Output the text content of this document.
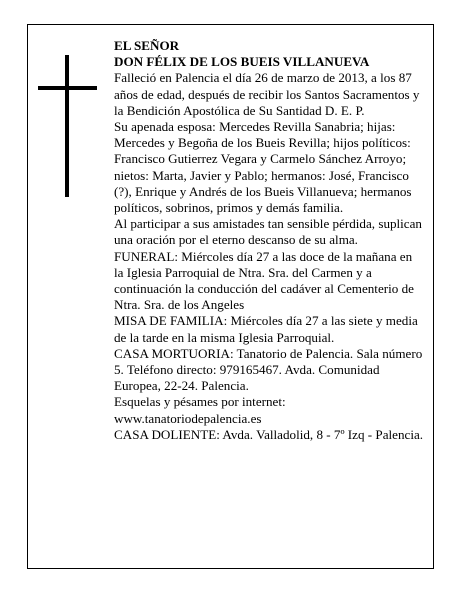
EL SEÑOR

DON FÉLIX DE LOS BUEIS VILLANUEVA

Falleció en Palencia el día 26 de marzo de 2013, a los 87 años de edad, después de recibir los Santos Sacramentos y la Bendición Apostólica de Su Santidad D. E. P.

Su apenada esposa: Mercedes Revilla Sanabria; hijas: Mercedes y Begoña de los Bueis Revilla; hijos políticos: Francisco Gutierrez Vegara y Carmelo Sánchez Arroyo; nietos: Marta, Javier y Pablo; hermanos: José, Francisco (?), Enrique y Andrés de los Bueis Villanueva; hermanos políticos, sobrinos, primos y demás familia.

Al participar a sus amistades tan sensible pérdida, suplican una oración por el eterno descanso de su alma.

FUNERAL: Miércoles día 27 a las doce de la mañana en la Iglesia Parroquial de Ntra. Sra. del Carmen y a continuación la conducción del cadáver al Cementerio de Ntra. Sra. de los Angeles

MISA DE FAMILIA: Miércoles día 27 a las siete y media de la tarde en la misma Iglesia Parroquial.

CASA MORTUORIA: Tanatorio de Palencia. Sala número 5. Teléfono directo: 979165467. Avda. Comunidad Europea, 22-24. Palencia.

Esquelas y pésames por internet: www.tanatoriodepalencia.es

CASA DOLIENTE: Avda. Valladolid, 8 - 7º Izq - Palencia.
